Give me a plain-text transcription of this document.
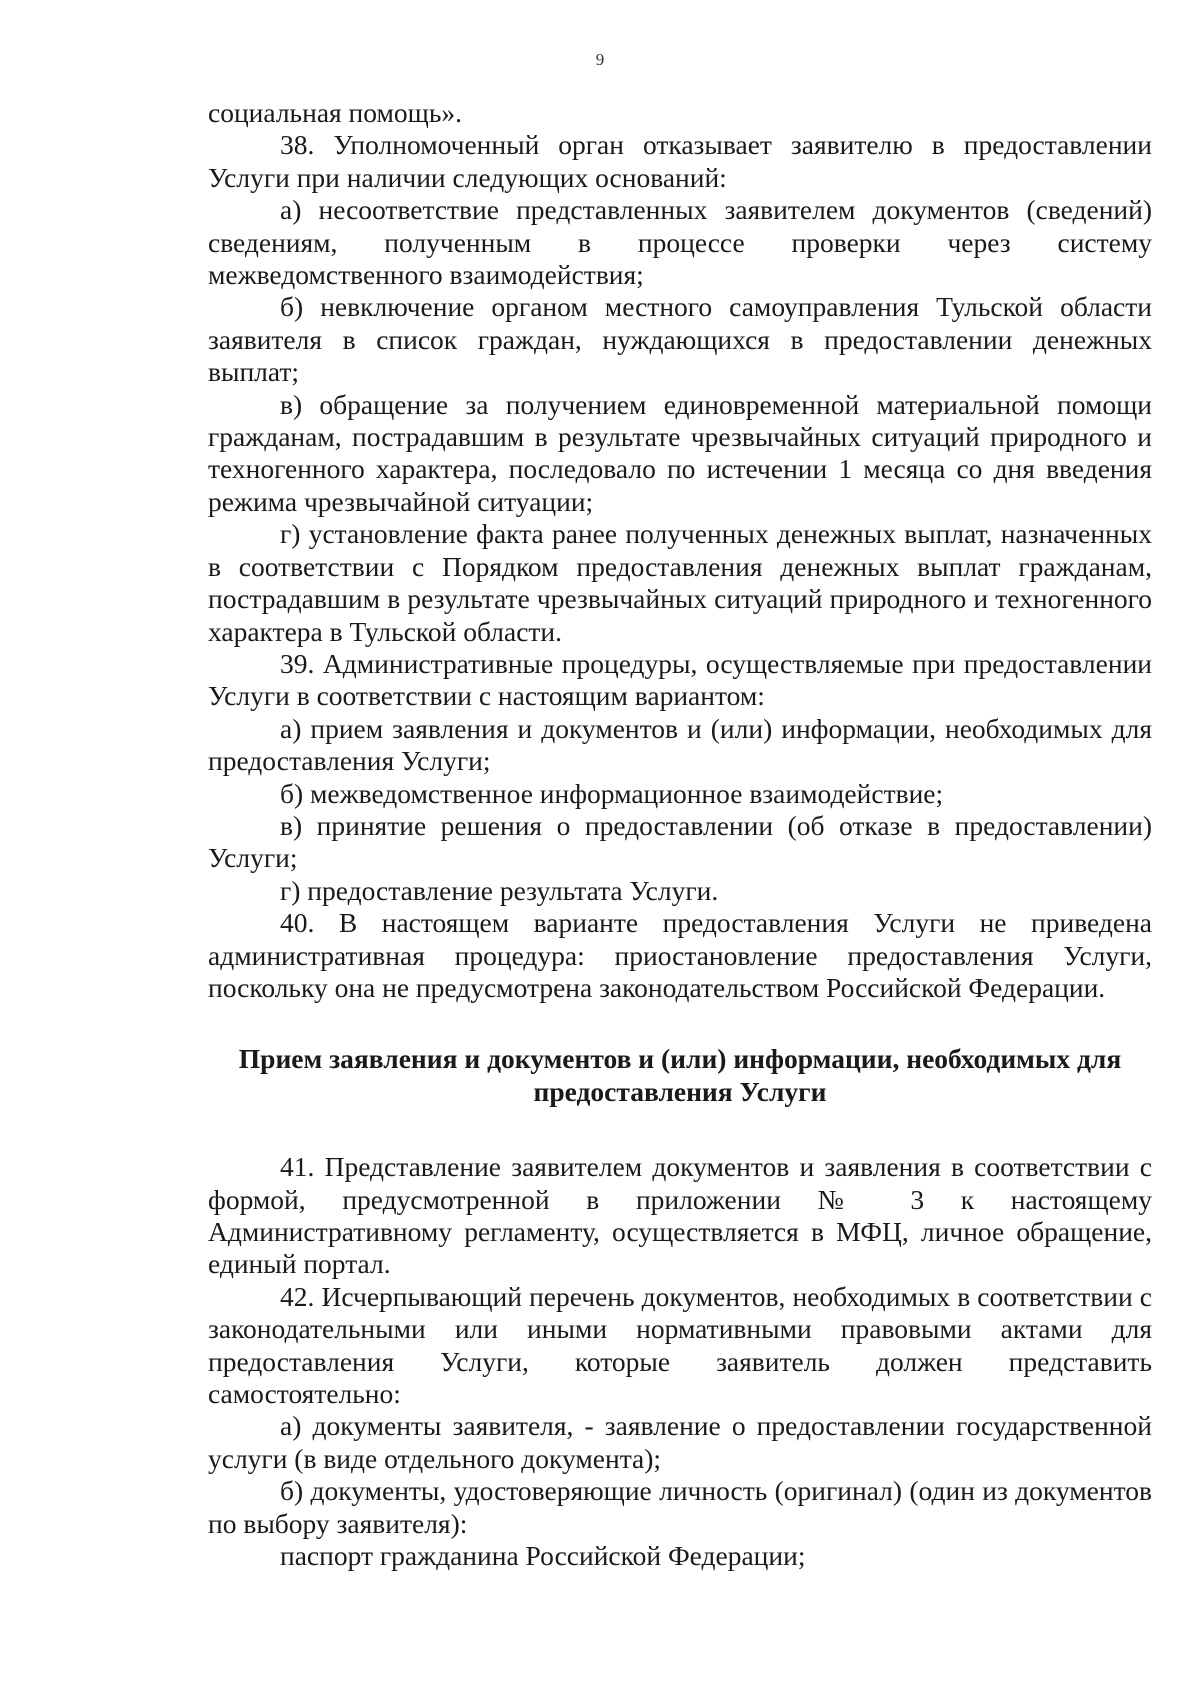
9

социальная помощь».

38. Уполномоченный орган отказывает заявителю в предоставлении Услуги при наличии следующих оснований:

а) несоответствие представленных заявителем документов (сведений) сведениям, полученным в процессе проверки через систему межведомственного взаимодействия;

б) невключение органом местного самоуправления Тульской области заявителя в список граждан, нуждающихся в предоставлении денежных выплат;

в) обращение за получением единовременной материальной помощи гражданам, пострадавшим в результате чрезвычайных ситуаций природного и техногенного характера, последовало по истечении 1 месяца со дня введения режима чрезвычайной ситуации;

г) установление факта ранее полученных денежных выплат, назначенных в соответствии с Порядком предоставления денежных выплат гражданам, пострадавшим в результате чрезвычайных ситуаций природного и техногенного характера в Тульской области.

39. Административные процедуры, осуществляемые при предоставлении Услуги в соответствии с настоящим вариантом:

а) прием заявления и документов и (или) информации, необходимых для предоставления Услуги;

б) межведомственное информационное взаимодействие;

в) принятие решения о предоставлении (об отказе в предоставлении) Услуги;

г) предоставление результата Услуги.

40. В настоящем варианте предоставления Услуги не приведена административная процедура: приостановление предоставления Услуги, поскольку она не предусмотрена законодательством Российской Федерации.

Прием заявления и документов и (или) информации, необходимых для предоставления Услуги

41. Представление заявителем документов и заявления в соответствии с формой, предусмотренной в приложении № 3 к настоящему Административному регламенту, осуществляется в МФЦ, личное обращение, единый портал.

42. Исчерпывающий перечень документов, необходимых в соответствии с законодательными или иными нормативными правовыми актами для предоставления Услуги, которые заявитель должен представить самостоятельно:

а) документы заявителя, - заявление о предоставлении государственной услуги (в виде отдельного документа);

б) документы, удостоверяющие личность (оригинал) (один из документов по выбору заявителя):

паспорт гражданина Российской Федерации;
